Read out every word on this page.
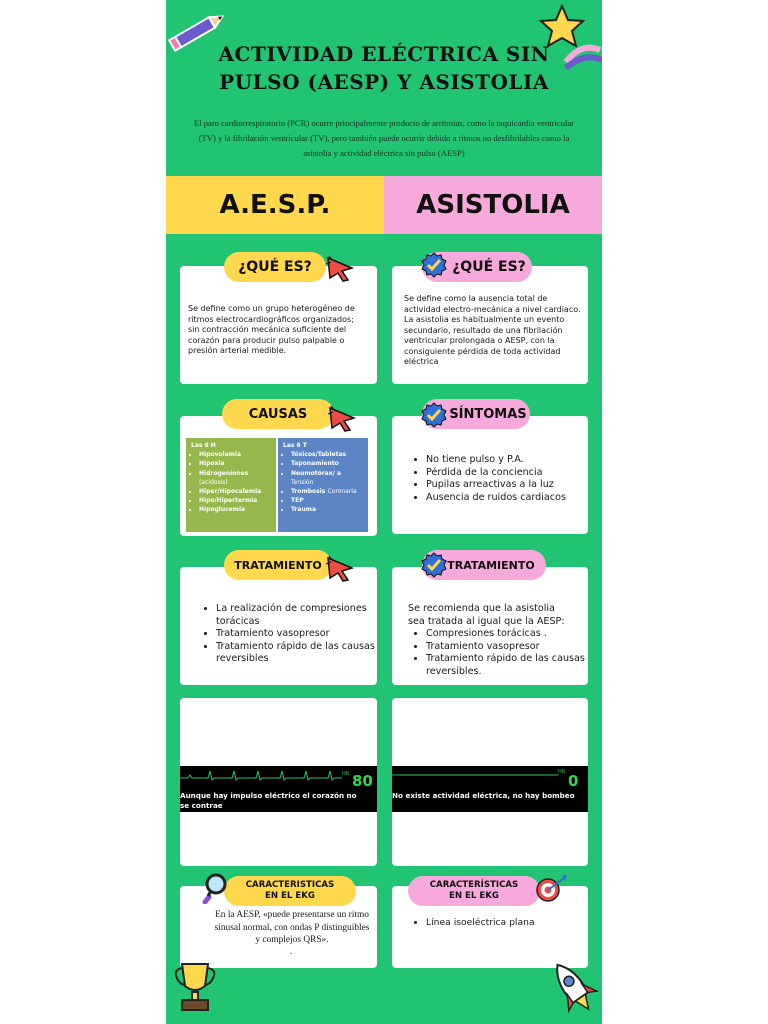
ACTIVIDAD ELÉCTRICA SIN
PULSO (AESP) Y ASISTOLIA
El paro cardiorrespiratorio (PCR) ocurre principalmente producto de arritmias, como la taquicardia ventricular (TV) y la fibrilación ventricular (TV), pero también puede ocurrir debido a ritmos no desfibrilables como la asistolia y actividad eléctrica sin pulso (AESP)
A.E.S.P.	ASISTOLIA
¿QUÉ ES?
Se define como un grupo heterogéneo de ritmos electrocardiográficos organizados; sin contracción mecánica suficiente del corazón para producir pulso palpable o presión arterial medible.
¿QUÉ ES?
Se define como la ausencia total de actividad electro-mecánica a nivel cardiaco. La asistolia es habitualmente un evento secundario, resultado de una fibrilación ventricular prolongada o AESP, con la consiguiente pérdida de toda actividad eléctrica
CAUSAS
Las 6 H
• Hipovolemia
• Hipoxia
• Hidrogeniones
(acidosis)
• Hiper/Hipocalemia
• Hipo/Hipertermia
• Hipoglucemia
Las 6 T
• Tóxicos/Tabletas
• Taponamiento
• Neumotórax/ a
Tensión
• Trombosis Coronaria
• TEP
• Trauma
SÍNTOMAS
• No tiene pulso y P.A.
• Pérdida de la conciencia
• Pupilas arreactivas a la luz
• Ausencia de ruidos cardiacos
TRATAMIENTO
• La realización de compresiones torácicas
• Tratamiento vasopresor
• Tratamiento rápido de las causas reversibles
TRATAMIENTO
Se recomienda que la asistolia sea tratada al igual que la AESP:
• Compresiones torácicas .
• Tratamiento vasopresor
• Tratamiento rápido de las causas reversibles.
HR 80
Aunque hay impulso eléctrico el corazón no se contrae
HR 0
No existe actividad eléctrica, no hay bombeo
CARACTERISTICAS EN EL EKG
En la AESP, «puede presentarse un ritmo sinusal normal, con ondas P distinguibles y complejos QRS».
.
CARACTERÍSTICAS EN EL EKG
• Línea isoeléctrica plana
